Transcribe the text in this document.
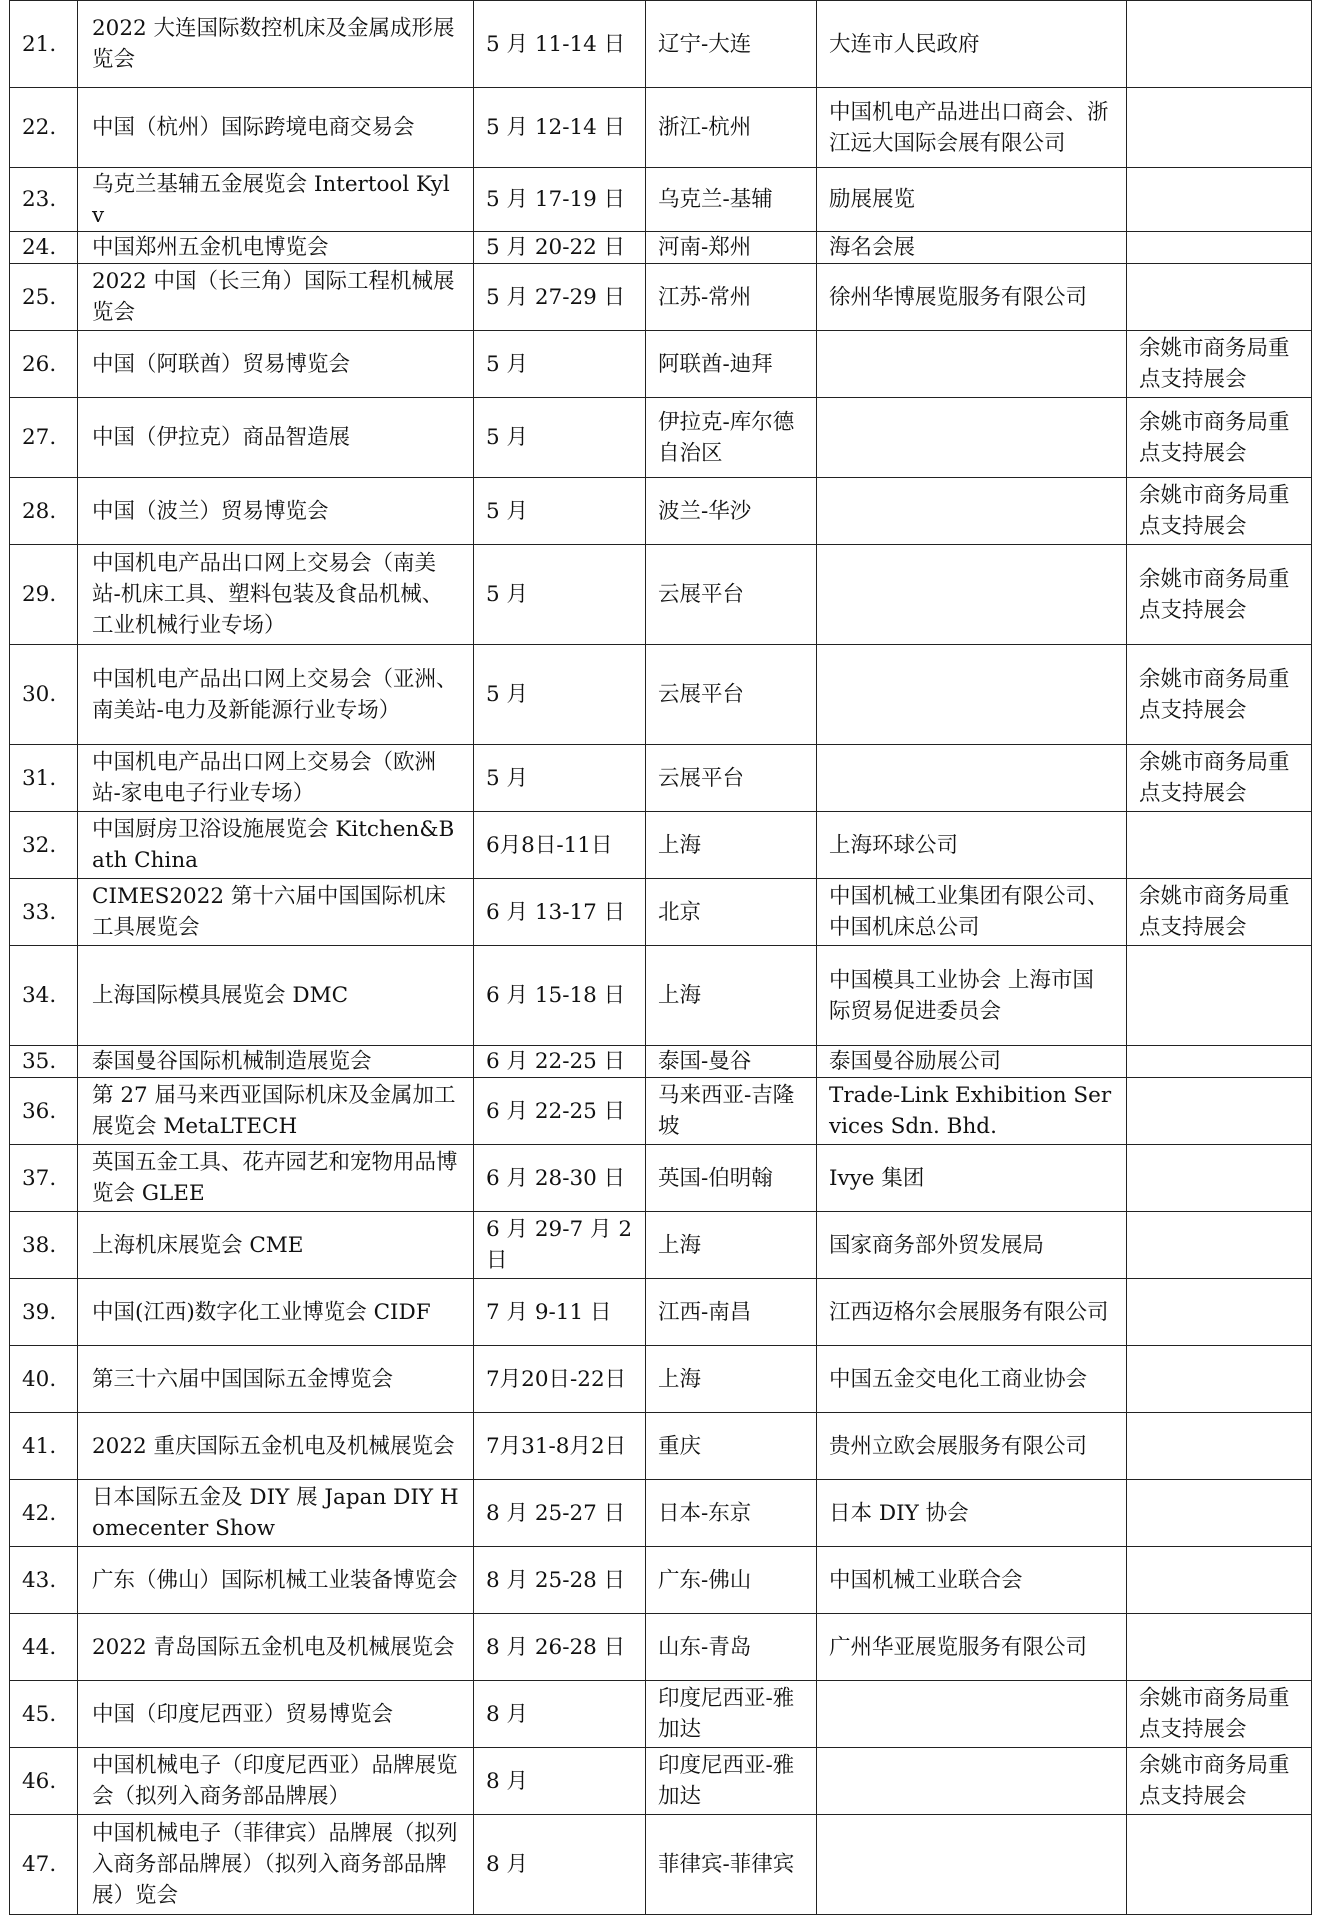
21.	2022 大连国际数控机床及金属成形展览会	5 月 11-14 日	辽宁-大连	大连市人民政府	
22.	中国（杭州）国际跨境电商交易会	5 月 12-14 日	浙江-杭州	中国机电产品进出口商会、浙江远大国际会展有限公司	
23.	乌克兰基辅五金展览会 Intertool Kylv	5 月 17-19 日	乌克兰-基辅	励展展览	
24.	中国郑州五金机电博览会	5 月 20-22 日	河南-郑州	海名会展	
25.	2022 中国（长三角）国际工程机械展览会	5 月 27-29 日	江苏-常州	徐州华博展览服务有限公司	
26.	中国（阿联酋）贸易博览会	5 月	阿联酋-迪拜		余姚市商务局重点支持展会
27.	中国（伊拉克）商品智造展	5 月	伊拉克-库尔德自治区		余姚市商务局重点支持展会
28.	中国（波兰）贸易博览会	5 月	波兰-华沙		余姚市商务局重点支持展会
29.	中国机电产品出口网上交易会（南美站-机床工具、塑料包装及食品机械、工业机械行业专场）	5 月	云展平台		余姚市商务局重点支持展会
30.	中国机电产品出口网上交易会（亚洲、南美站-电力及新能源行业专场）	5 月	云展平台		余姚市商务局重点支持展会
31.	中国机电产品出口网上交易会（欧洲站-家电电子行业专场）	5 月	云展平台		余姚市商务局重点支持展会
32.	中国厨房卫浴设施展览会 Kitchen&Bath China	6月8日-11日	上海	上海环球公司	
33.	CIMES2022 第十六届中国国际机床工具展览会	6 月 13-17 日	北京	中国机械工业集团有限公司、中国机床总公司	余姚市商务局重点支持展会
34.	上海国际模具展览会 DMC	6 月 15-18 日	上海	中国模具工业协会 上海市国际贸易促进委员会	
35.	泰国曼谷国际机械制造展览会	6 月 22-25 日	泰国-曼谷	泰国曼谷励展公司	
36.	第 27 届马来西亚国际机床及金属加工展览会 MetaLTECH	6 月 22-25 日	马来西亚-吉隆坡	Trade-Link Exhibition Services Sdn. Bhd.	
37.	英国五金工具、花卉园艺和宠物用品博览会 GLEE	6 月 28-30 日	英国-伯明翰	Ivye 集团	
38.	上海机床展览会 CME	6 月 29-7 月 2 日	上海	国家商务部外贸发展局	
39.	中国(江西)数字化工业博览会 CIDF	7 月 9-11 日	江西-南昌	江西迈格尔会展服务有限公司	
40.	第三十六届中国国际五金博览会	7月20日-22日	上海	中国五金交电化工商业协会	
41.	2022 重庆国际五金机电及机械展览会	7月31-8月2日	重庆	贵州立欧会展服务有限公司	
42.	日本国际五金及 DIY 展 Japan DIY Homecenter Show	8 月 25-27 日	日本-东京	日本 DIY 协会	
43.	广东（佛山）国际机械工业装备博览会	8 月 25-28 日	广东-佛山	中国机械工业联合会	
44.	2022 青岛国际五金机电及机械展览会	8 月 26-28 日	山东-青岛	广州华亚展览服务有限公司	
45.	中国（印度尼西亚）贸易博览会	8 月	印度尼西亚-雅加达		余姚市商务局重点支持展会
46.	中国机械电子（印度尼西亚）品牌展览会（拟列入商务部品牌展）	8 月	印度尼西亚-雅加达		余姚市商务局重点支持展会
47.	中国机械电子（菲律宾）品牌展（拟列入商务部品牌展）（拟列入商务部品牌展）览会	8 月	菲律宾-菲律宾		
